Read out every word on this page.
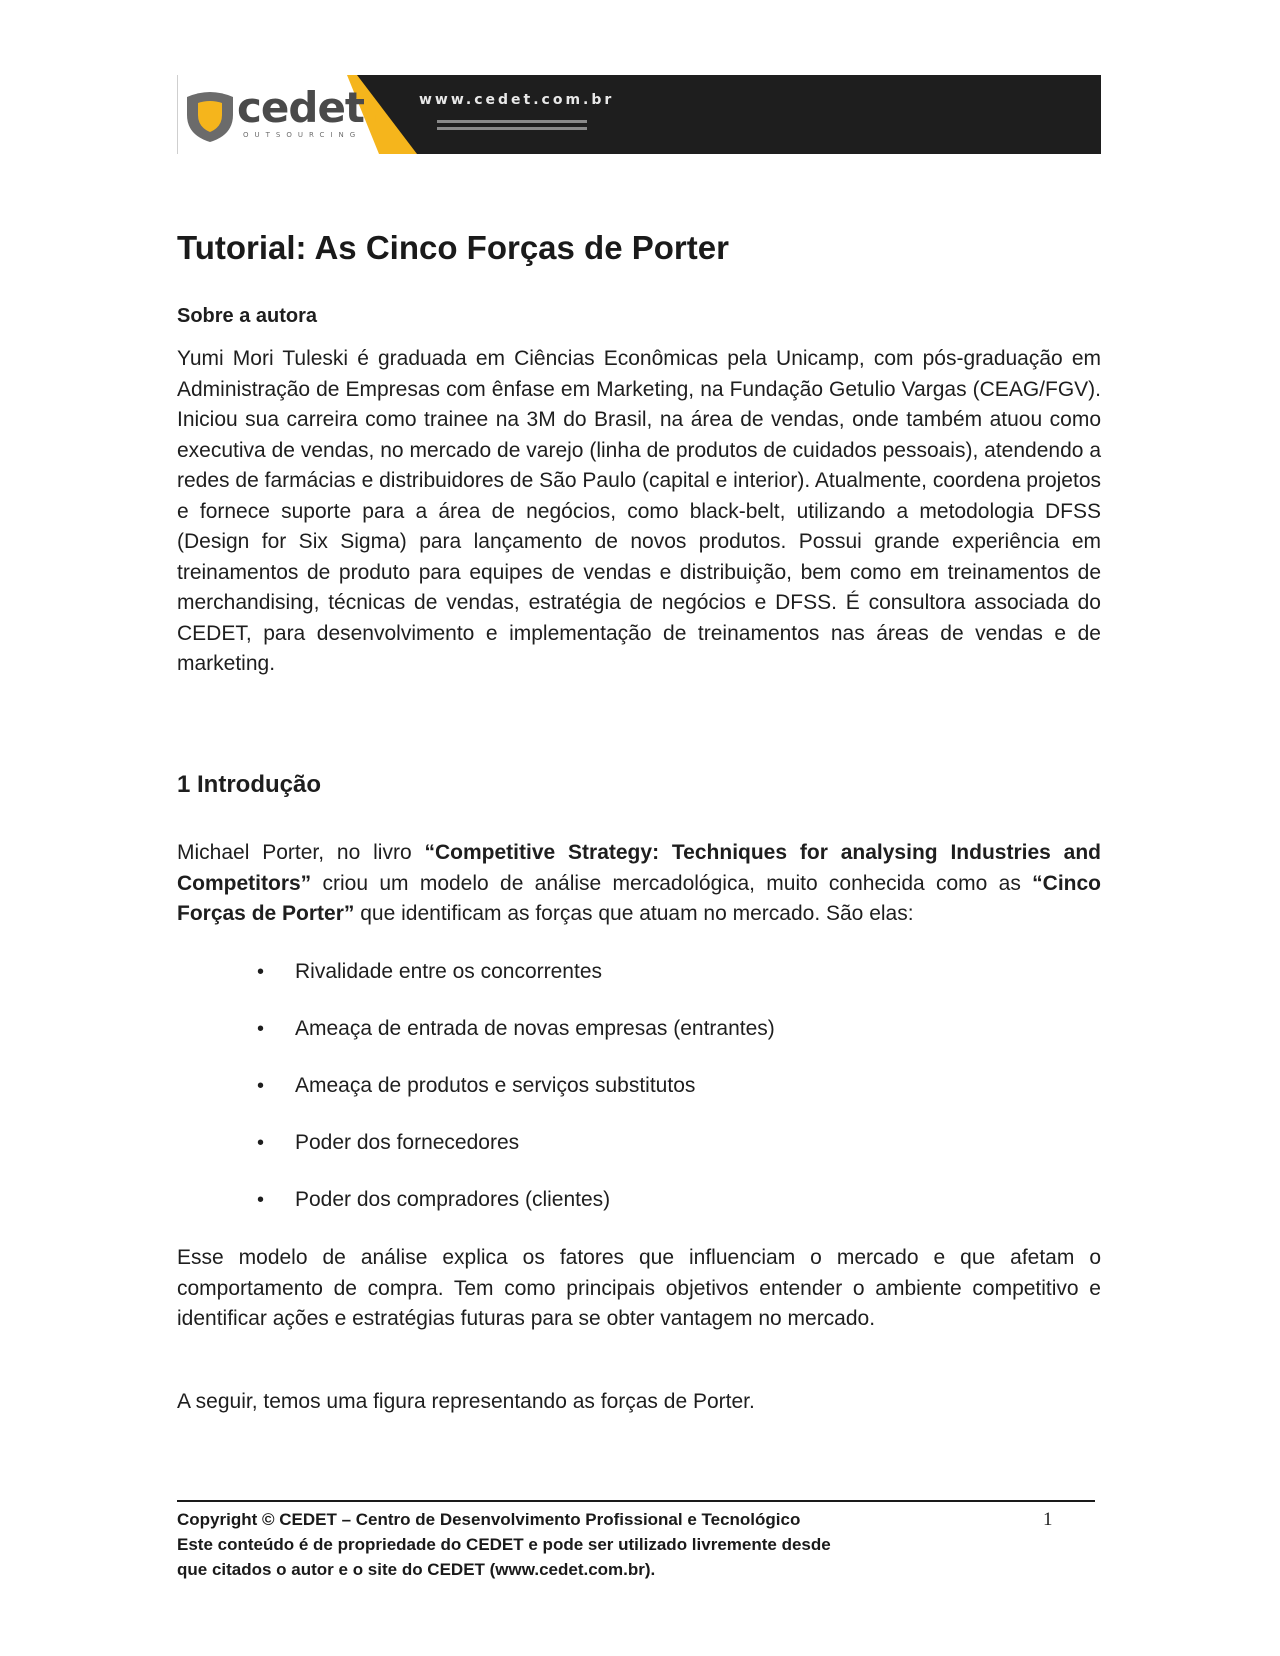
cedet.
OUTSOURCING
www.cedet.com.br
Tutorial: As Cinco Forças de Porter
Sobre a autora

Yumi Mori Tuleski é graduada em Ciências Econômicas pela Unicamp, com pós-graduação em Administração de Empresas com ênfase em Marketing, na Fundação Getulio Vargas (CEAG/FGV). Iniciou sua carreira como trainee na 3M do Brasil, na área de vendas, onde também atuou como executiva de vendas, no mercado de varejo (linha de produtos de cuidados pessoais), atendendo a redes de farmácias e distribuidores de São Paulo (capital e interior). Atualmente, coordena projetos e fornece suporte para a área de negócios, como black-belt, utilizando a metodologia DFSS (Design for Six Sigma) para lançamento de novos produtos. Possui grande experiência em treinamentos de produto para equipes de vendas e distribuição, bem como em treinamentos de merchandising, técnicas de vendas, estratégia de negócios e DFSS. É consultora associada do CEDET, para desenvolvimento e implementação de treinamentos nas áreas de vendas e de marketing.

1 Introdução

Michael Porter, no livro “Competitive Strategy: Techniques for analysing Industries and Competitors” criou um modelo de análise mercadológica, muito conhecida como as “Cinco Forças de Porter” que identificam as forças que atuam no mercado. São elas:

• Rivalidade entre os concorrentes
• Ameaça de entrada de novas empresas (entrantes)
• Ameaça de produtos e serviços substitutos
• Poder dos fornecedores
• Poder dos compradores (clientes)

Esse modelo de análise explica os fatores que influenciam o mercado e que afetam o comportamento de compra. Tem como principais objetivos entender o ambiente competitivo e identificar ações e estratégias futuras para se obter vantagem no mercado.

A seguir, temos uma figura representando as forças de Porter.

Copyright © CEDET – Centro de Desenvolvimento Profissional e Tecnológico
Este conteúdo é de propriedade do CEDET e pode ser utilizado livremente desde
que citados o autor e o site do CEDET (www.cedet.com.br).
1
